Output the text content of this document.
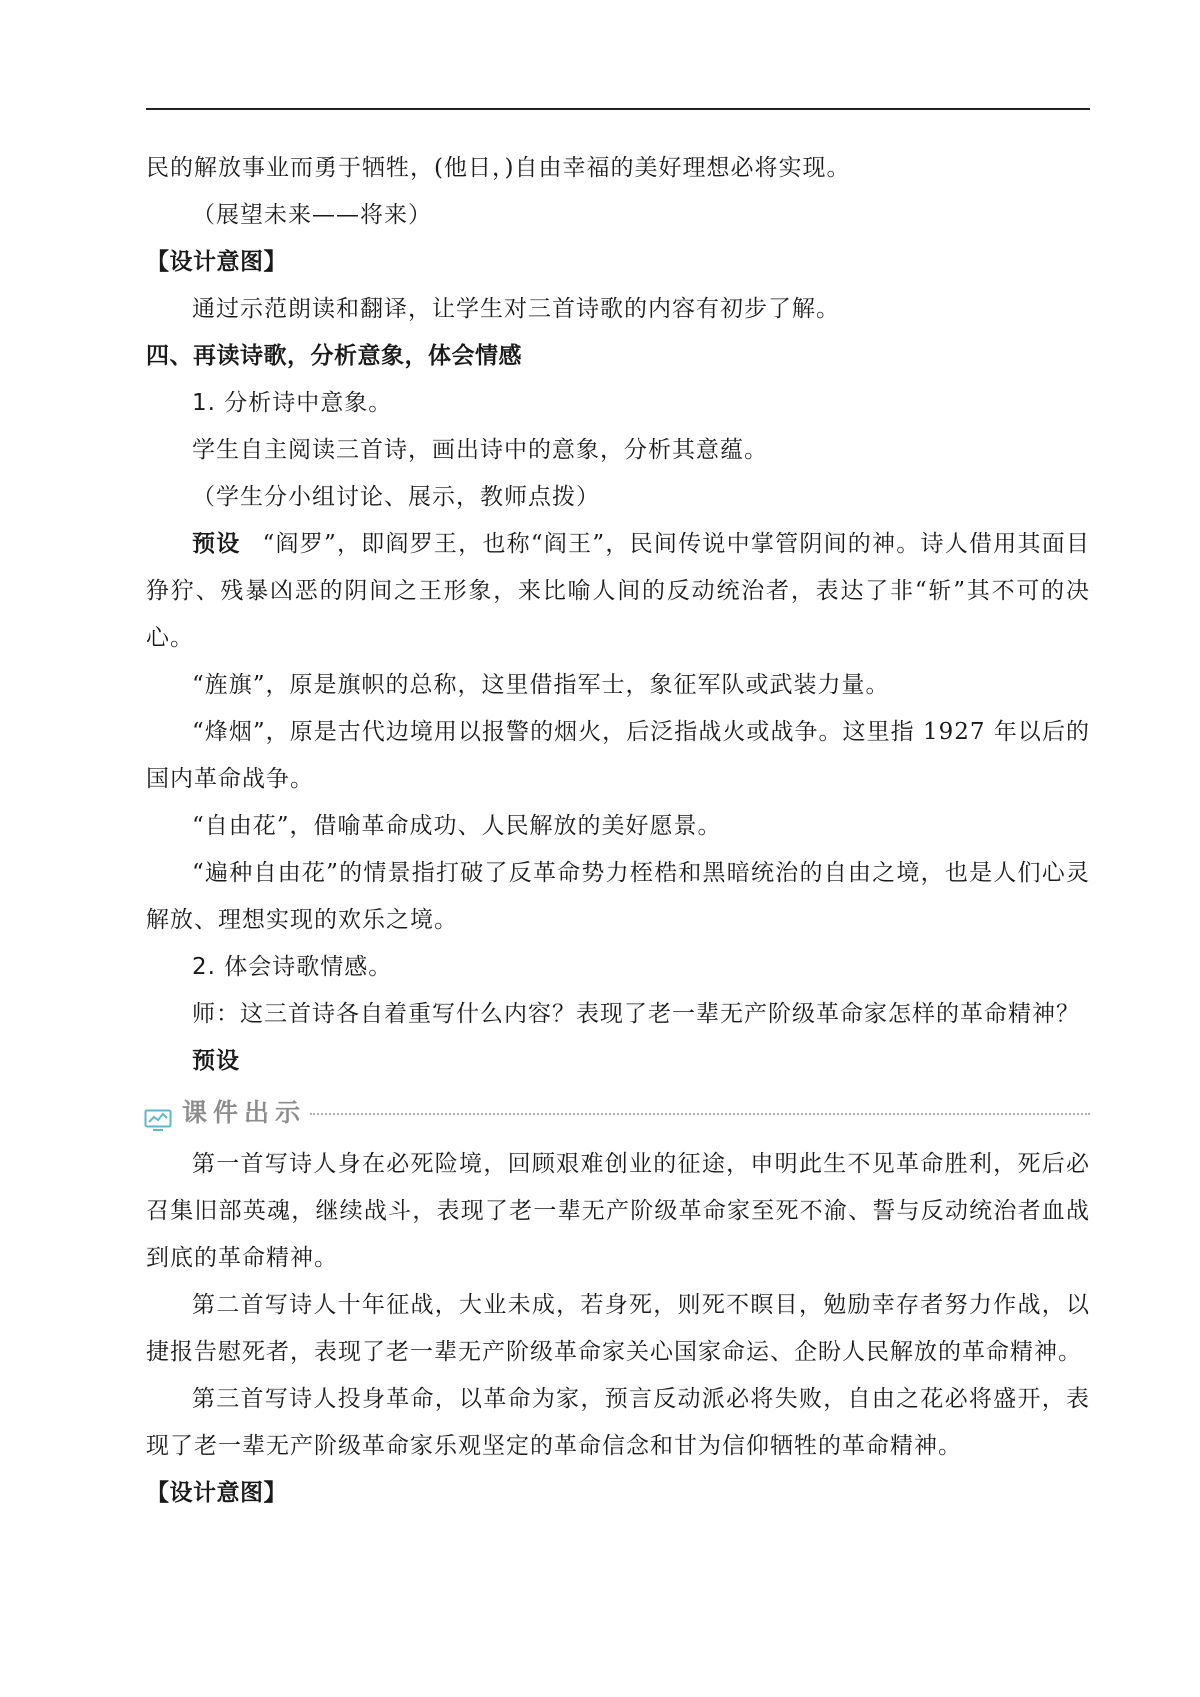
民的解放事业而勇于牺牲，(他日，)自由幸福的美好理想必将实现。

（展望未来——将来）

【设计意图】

通过示范朗读和翻译，让学生对三首诗歌的内容有初步了解。

四、再读诗歌，分析意象，体会情感

1. 分析诗中意象。

学生自主阅读三首诗，画出诗中的意象，分析其意蕴。

（学生分小组讨论、展示，教师点拨）

预设 “阎罗”，即阎罗王，也称“阎王”，民间传说中掌管阴间的神。诗人借用其面目狰狞、残暴凶恶的阴间之王形象，来比喻人间的反动统治者，表达了非“斩”其不可的决心。

“旌旗”，原是旗帜的总称，这里借指军士，象征军队或武装力量。

“烽烟”，原是古代边境用以报警的烟火，后泛指战火或战争。这里指 1927 年以后的国内革命战争。

“自由花”，借喻革命成功、人民解放的美好愿景。

“遍种自由花”的情景指打破了反革命势力桎梏和黑暗统治的自由之境，也是人们心灵解放、理想实现的欢乐之境。

2. 体会诗歌情感。

师：这三首诗各自着重写什么内容？表现了老一辈无产阶级革命家怎样的革命精神？

预设

课件出示

第一首写诗人身在必死险境，回顾艰难创业的征途，申明此生不见革命胜利，死后必召集旧部英魂，继续战斗，表现了老一辈无产阶级革命家至死不渝、誓与反动统治者血战到底的革命精神。

第二首写诗人十年征战，大业未成，若身死，则死不瞑目，勉励幸存者努力作战，以捷报告慰死者，表现了老一辈无产阶级革命家关心国家命运、企盼人民解放的革命精神。

第三首写诗人投身革命，以革命为家，预言反动派必将失败，自由之花必将盛开，表现了老一辈无产阶级革命家乐观坚定的革命信念和甘为信仰牺牲的革命精神。

【设计意图】
